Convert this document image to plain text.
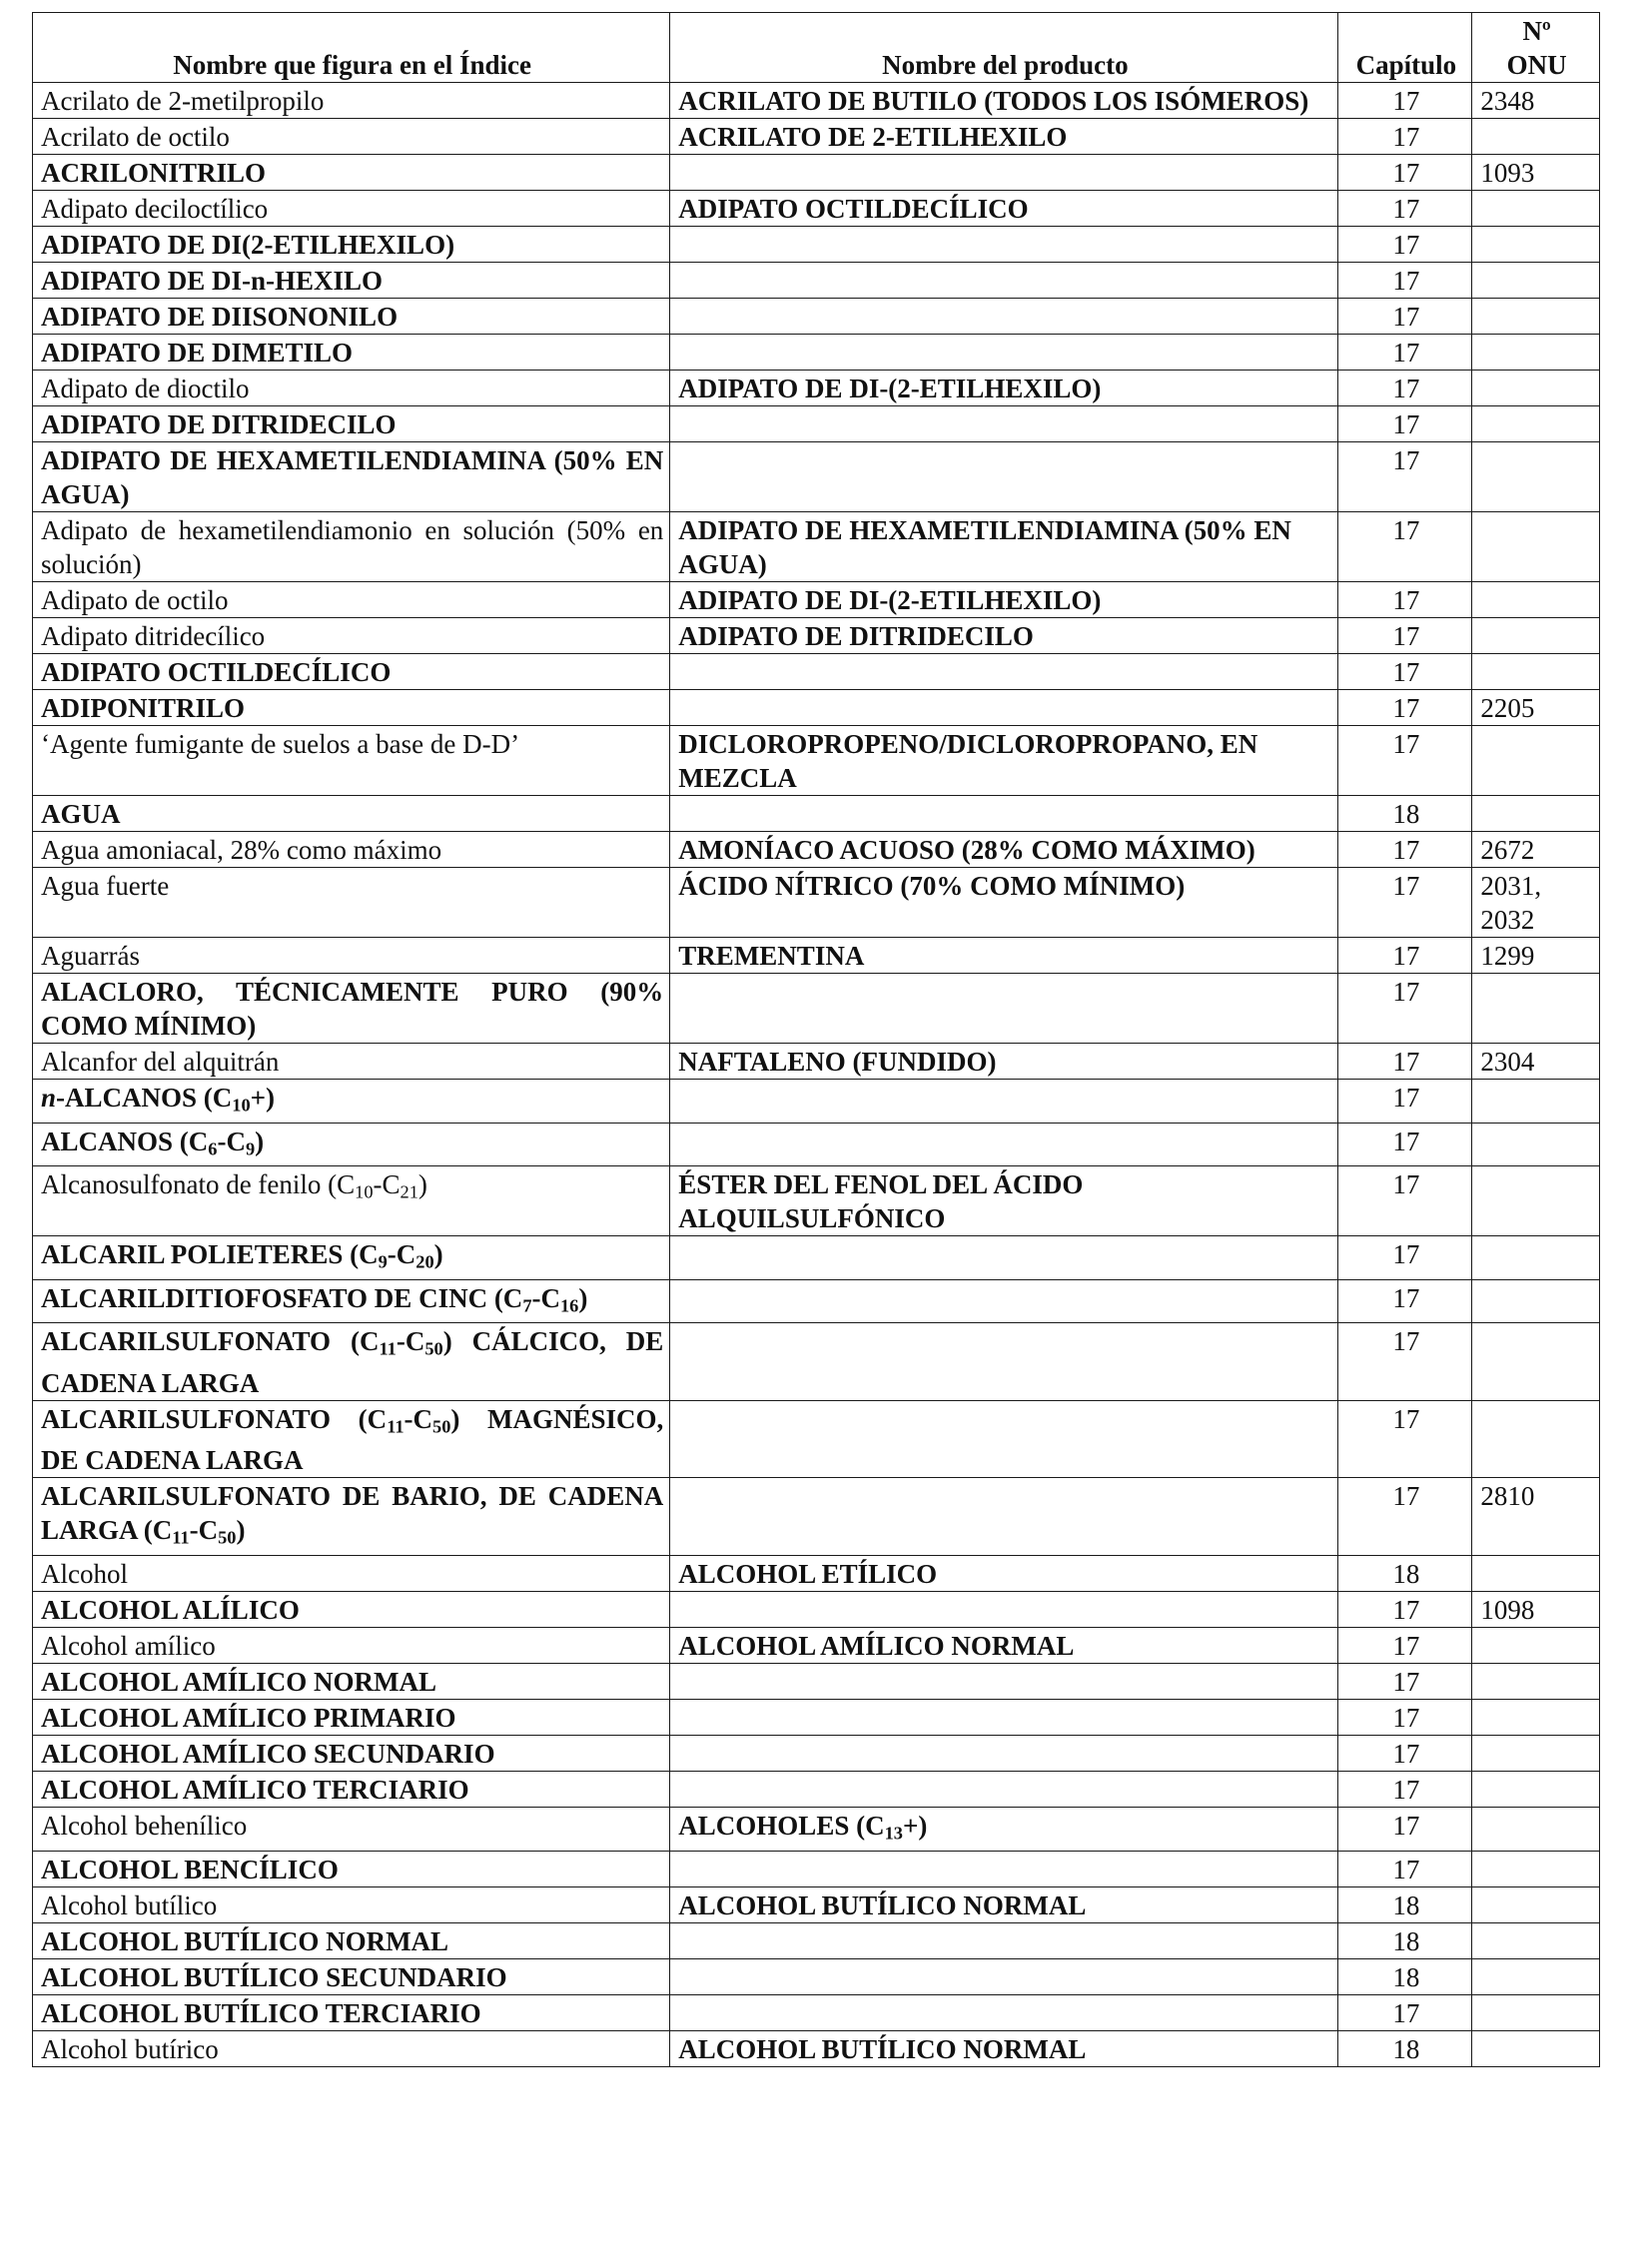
Nombre que figura en el Índice	Nombre del producto	Capítulo	Nº
ONU
Acrilato de 2-metilpropilo	ACRILATO DE BUTILO (TODOS LOS ISÓMEROS)	17	2348
Acrilato de octilo	ACRILATO DE 2-ETILHEXILO	17	
ACRILONITRILO		17	1093
Adipato deciloctílico	ADIPATO OCTILDECÍLICO	17	
ADIPATO DE DI(2-ETILHEXILO)		17	
ADIPATO DE DI-n-HEXILO		17	
ADIPATO DE DIISONONILO		17	
ADIPATO DE DIMETILO		17	
Adipato de dioctilo	ADIPATO DE DI-(2-ETILHEXILO)	17	
ADIPATO DE DITRIDECILO		17	
ADIPATO DE HEXAMETILENDIAMINA (50% EN AGUA)		17	
Adipato de hexametilendiamonio en solución (50% en solución)	ADIPATO DE HEXAMETILENDIAMINA (50% EN AGUA)	17	
Adipato de octilo	ADIPATO DE DI-(2-ETILHEXILO)	17	
Adipato ditridecílico	ADIPATO DE DITRIDECILO	17	
ADIPATO OCTILDECÍLICO		17	
ADIPONITRILO		17	2205
‘Agente fumigante de suelos a base de D-D’	DICLOROPROPENO/DICLOROPROPANO, EN MEZCLA	17	
AGUA		18	
Agua amoniacal, 28% como máximo	AMONÍACO ACUOSO (28% COMO MÁXIMO)	17	2672
Agua fuerte	ÁCIDO NÍTRICO (70% COMO MÍNIMO)	17	2031, 2032
Aguarrás	TREMENTINA	17	1299
ALACLORO, TÉCNICAMENTE PURO (90% COMO MÍNIMO)		17	
Alcanfor del alquitrán	NAFTALENO (FUNDIDO)	17	2304
n-ALCANOS $(C_{10}+)$		17	
ALCANOS $(C_6-C_9)$		17	
Alcanosulfonato de fenilo $(C_{10}-C_{21})$	ÉSTER DEL FENOL DEL ÁCIDO ALQUILSULFÓNICO	17	
ALCARIL POLIETERES $(C_9-C_{20})$		17	
ALCARILDITIOFOSFATO DE CINC $(C_7-C_{16})$		17	
ALCARILSULFONATO $(C_{11}-C_{50})$ CÁLCICO, DE CADENA LARGA		17	
ALCARILSULFONATO $(C_{11}-C_{50})$ MAGNÉSICO, DE CADENA LARGA		17	
ALCARILSULFONATO DE BARIO, DE CADENA LARGA $(C_{11}-C_{50})$		17	2810
Alcohol	ALCOHOL ETÍLICO	18	
ALCOHOL ALÍLICO		17	1098
Alcohol amílico	ALCOHOL AMÍLICO NORMAL	17	
ALCOHOL AMÍLICO NORMAL		17	
ALCOHOL AMÍLICO PRIMARIO		17	
ALCOHOL AMÍLICO SECUNDARIO		17	
ALCOHOL AMÍLICO TERCIARIO		17	
Alcohol behenílico	ALCOHOLES $(C_{13}+)$	17	
ALCOHOL BENCÍLICO		17	
Alcohol butílico	ALCOHOL BUTÍLICO NORMAL	18	
ALCOHOL BUTÍLICO NORMAL		18	
ALCOHOL BUTÍLICO SECUNDARIO		18	
ALCOHOL BUTÍLICO TERCIARIO		17	
Alcohol butírico	ALCOHOL BUTÍLICO NORMAL	18	
